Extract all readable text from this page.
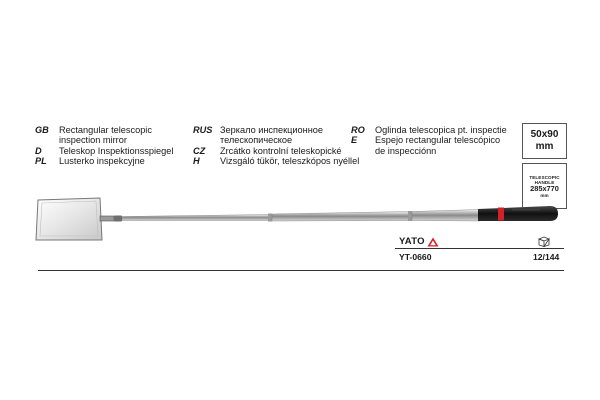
GB	Rectangular telescopic
inspection mirror
D	Teleskop Inspektionsspiegel
PL	Lusterko inspekcyjne
RUS Зеркало инспекционное
телескопическое
CZ	Zrcátko kontrolní teleskopické
H	Vizsgáló tükör, teleszkópos nyéllel
RO	Oglinda telescopica pt. inspectie
E	Espejo rectangular telescópico
de inspecciónn
50x90
mm
TELESCOPIC
HANDLE
285x770
mm
YATO
YT-0660	12/144
